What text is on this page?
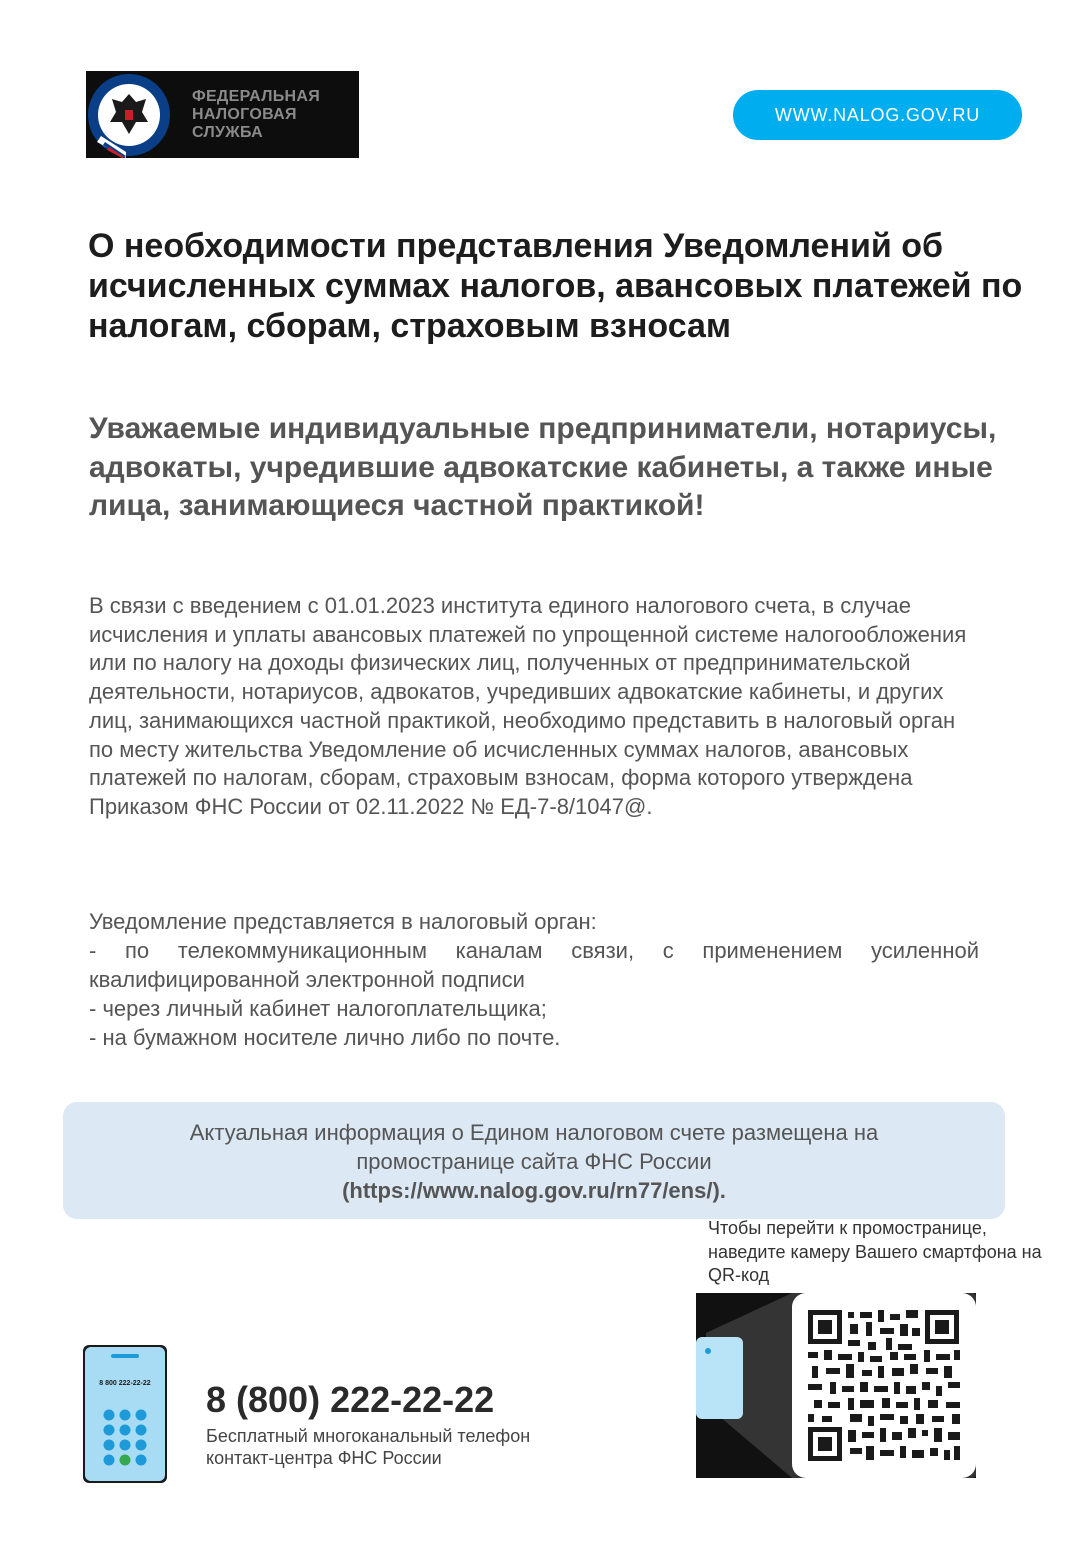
ФЕДЕРАЛЬНАЯ
НАЛОГОВАЯ СЛУЖБА
WWW.NALOG.GOV.RU
О необходимости представления Уведомлений об исчисленных суммах налогов, авансовых платежей по налогам, сборам, страховым взносам
Уважаемые индивидуальные предприниматели, нотариусы, адвокаты, учредившие адвокатские кабинеты, а также иные лица, занимающиеся частной практикой!

В связи с введением с 01.01.2023 института единого налогового счета, в случае исчисления и уплаты авансовых платежей по упрощенной системе налогообложения или по налогу на доходы физических лиц, полученных от предпринимательской деятельности, нотариусов, адвокатов, учредивших адвокатские кабинеты, и других лиц, занимающихся частной практикой, необходимо представить в налоговый орган по месту жительства Уведомление об исчисленных суммах налогов, авансовых платежей по налогам, сборам, страховым взносам, форма которого утверждена Приказом ФНС России от 02.11.2022 № ЕД-7-8/1047@.

Уведомление представляется в налоговый орган:
- по телекоммуникационным каналам связи, с применением усиленной квалифицированной электронной подписи
- через личный кабинет налогоплательщика;
- на бумажном носителе лично либо по почте.
Актуальная информация о Едином налоговом счете размещена на
промостранице сайта ФНС России
(https://www.nalog.gov.ru/rn77/ens/).
Чтобы перейти к промостранице, наведите камеру Вашего смартфона на QR-код
8 800 222-22-22 8 (800) 222-22-22
Бесплатный многоканальный телефон контакт-центра ФНС России
